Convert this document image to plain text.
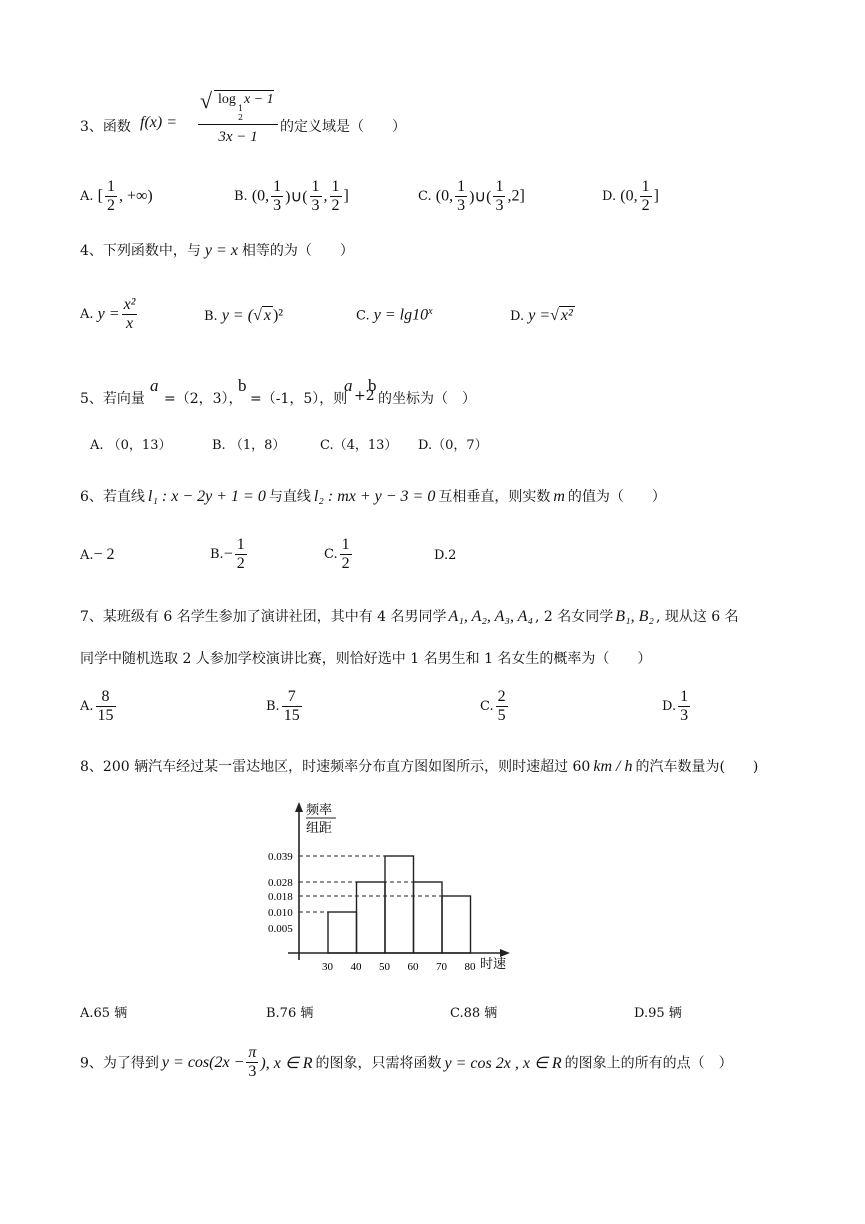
3、函数 f(x) =
√ log
1
2
x − 1
3x − 1
的定义域是（　　）
A. [ $\frac{1}{2}$ , +∞)	B. (0, $\frac{1}{3}$ )∪( $\frac{1}{3}$ , $\frac{1}{2}$ ]	C. (0, $\frac{1}{3}$ )∪( $\frac{1}{3} ,2$]	D. (0, $\frac{1}{2}$ ]
4、下列函数中，与 y = x 相等的为（　　）
A. $y = \frac{\text{x²}}{x}$	B. y = (√ x )²	C. $y = \lg 10^x$	D. y =√ x²
5、若向量
a
=（2，3），
b
=（-1，5），则
a
+2
b
的坐标为（　）
A. （0，13）	B. （1，8）	C.（4，13） D.（0，7）
6、若直线 l₁ : x − 2y + 1 = 0 与直线 l₂ : mx + y − 3 = 0 互相垂直，则实数 m 的值为（　　）
A.− 2	$B.- \frac{1}{2}$	C. $\frac{1}{2}$	D.2
7、某班级有 6 名学生参加了演讲社团，其中有 4 名男同学 A₁, A₂, A₃, A₄ , 2 名女同学 B₁, B₂ , 现从这 6 名
同学中随机选取 2 人参加学校演讲比赛，则恰好选中 1 名男生和 1 名女生的概率为（　　）
A. $\frac{8}{15}$	B. $\frac{7}{15}$	C. $\frac{2}{5}$	D. $\frac{1}{3}$
8、200 辆汽车经过某一雷达地区，时速频率分布直方图如图所示，则时速超过 60 km / h 的汽车数量为(　　)
频率
组距
时速
0.005
0.010
0.018
0.028
0.039
30 40 50 60 70 80
A.65 辆	B.76 辆	C.88 辆	D.95 辆
9、为了得到 $y = \cos(2x - \frac{\pi}{3}$ ), x ∈ R 的图象，只需将函数 y = cos 2x , x ∈ R 的图象上的所有的点（　）
